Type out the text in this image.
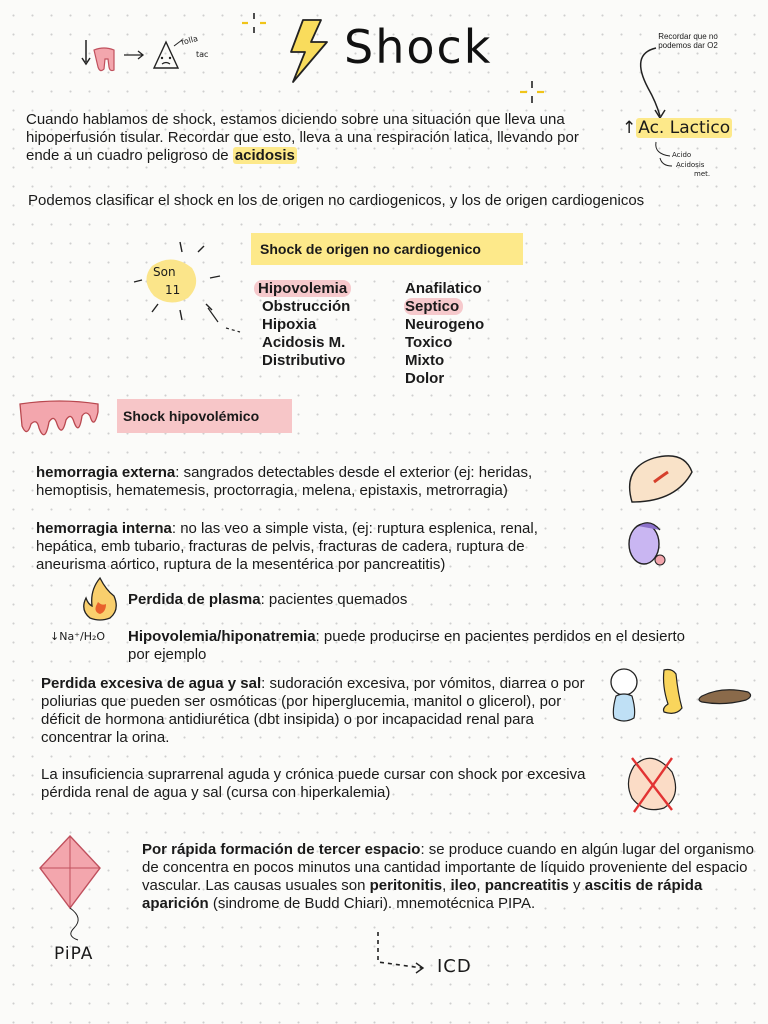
folla
tac	Shock	Recordar que no podemos dar O2
↑ Ac. Lactico
Acido
Acidosis
met.
Cuando hablamos de shock, estamos diciendo sobre una situación que lleva una hipoperfusión tisular. Recordar que esto, lleva a una respiración latica, llevando por ende a un cuadro peligroso de acidosis
Podemos clasificar el shock en los de origen no cardiogenicos, y los de origen cardiogenicos
Shock de origen no cardiogenico
Son
11	Hipovolemia
Obstrucción
Hipoxia
Acidosis M.
Distributivo
Anafilatico
Septico
Neurogeno
Toxico
Mixto
Dolor
Shock hipovolémico
hemorragia externa: sangrados detectables desde el exterior (ej: heridas, hemoptisis, hematemesis, proctorragia, melena, epistaxis, metrorragia)
hemorragia interna: no las veo a simple vista, (ej: ruptura esplenica, renal, hepática, emb tubario, fracturas de pelvis, fracturas de cadera, ruptura de aneurisma aórtico, ruptura de la mesentérica por pancreatitis)
Perdida de plasma: pacientes quemados
↓Na⁺/H₂O Hipovolemia/hiponatremia: puede producirse en pacientes perdidos en el desierto por ejemplo
Perdida excesiva de agua y sal: sudoración excesiva, por vómitos, diarrea o por poliurias que pueden ser osmóticas (por hiperglucemia, manitol o glicerol), por déficit de hormona antidiurética (dbt insipida) o por incapacidad renal para concentrar la orina.
La insuficiencia suprarrenal aguda y crónica puede cursar con shock por excesiva pérdida renal de agua y sal (cursa con hiperkalemia)
PiPA
Por rápida formación de tercer espacio: se produce cuando en algún lugar del organismo de concentra en pocos minutos una cantidad importante de líquido proveniente del espacio vascular. Las causas usuales son peritonitis, ileo, pancreatitis y ascitis de rápida aparición (sindrome de Budd Chiari). mnemotécnica PIPA.
ICD
